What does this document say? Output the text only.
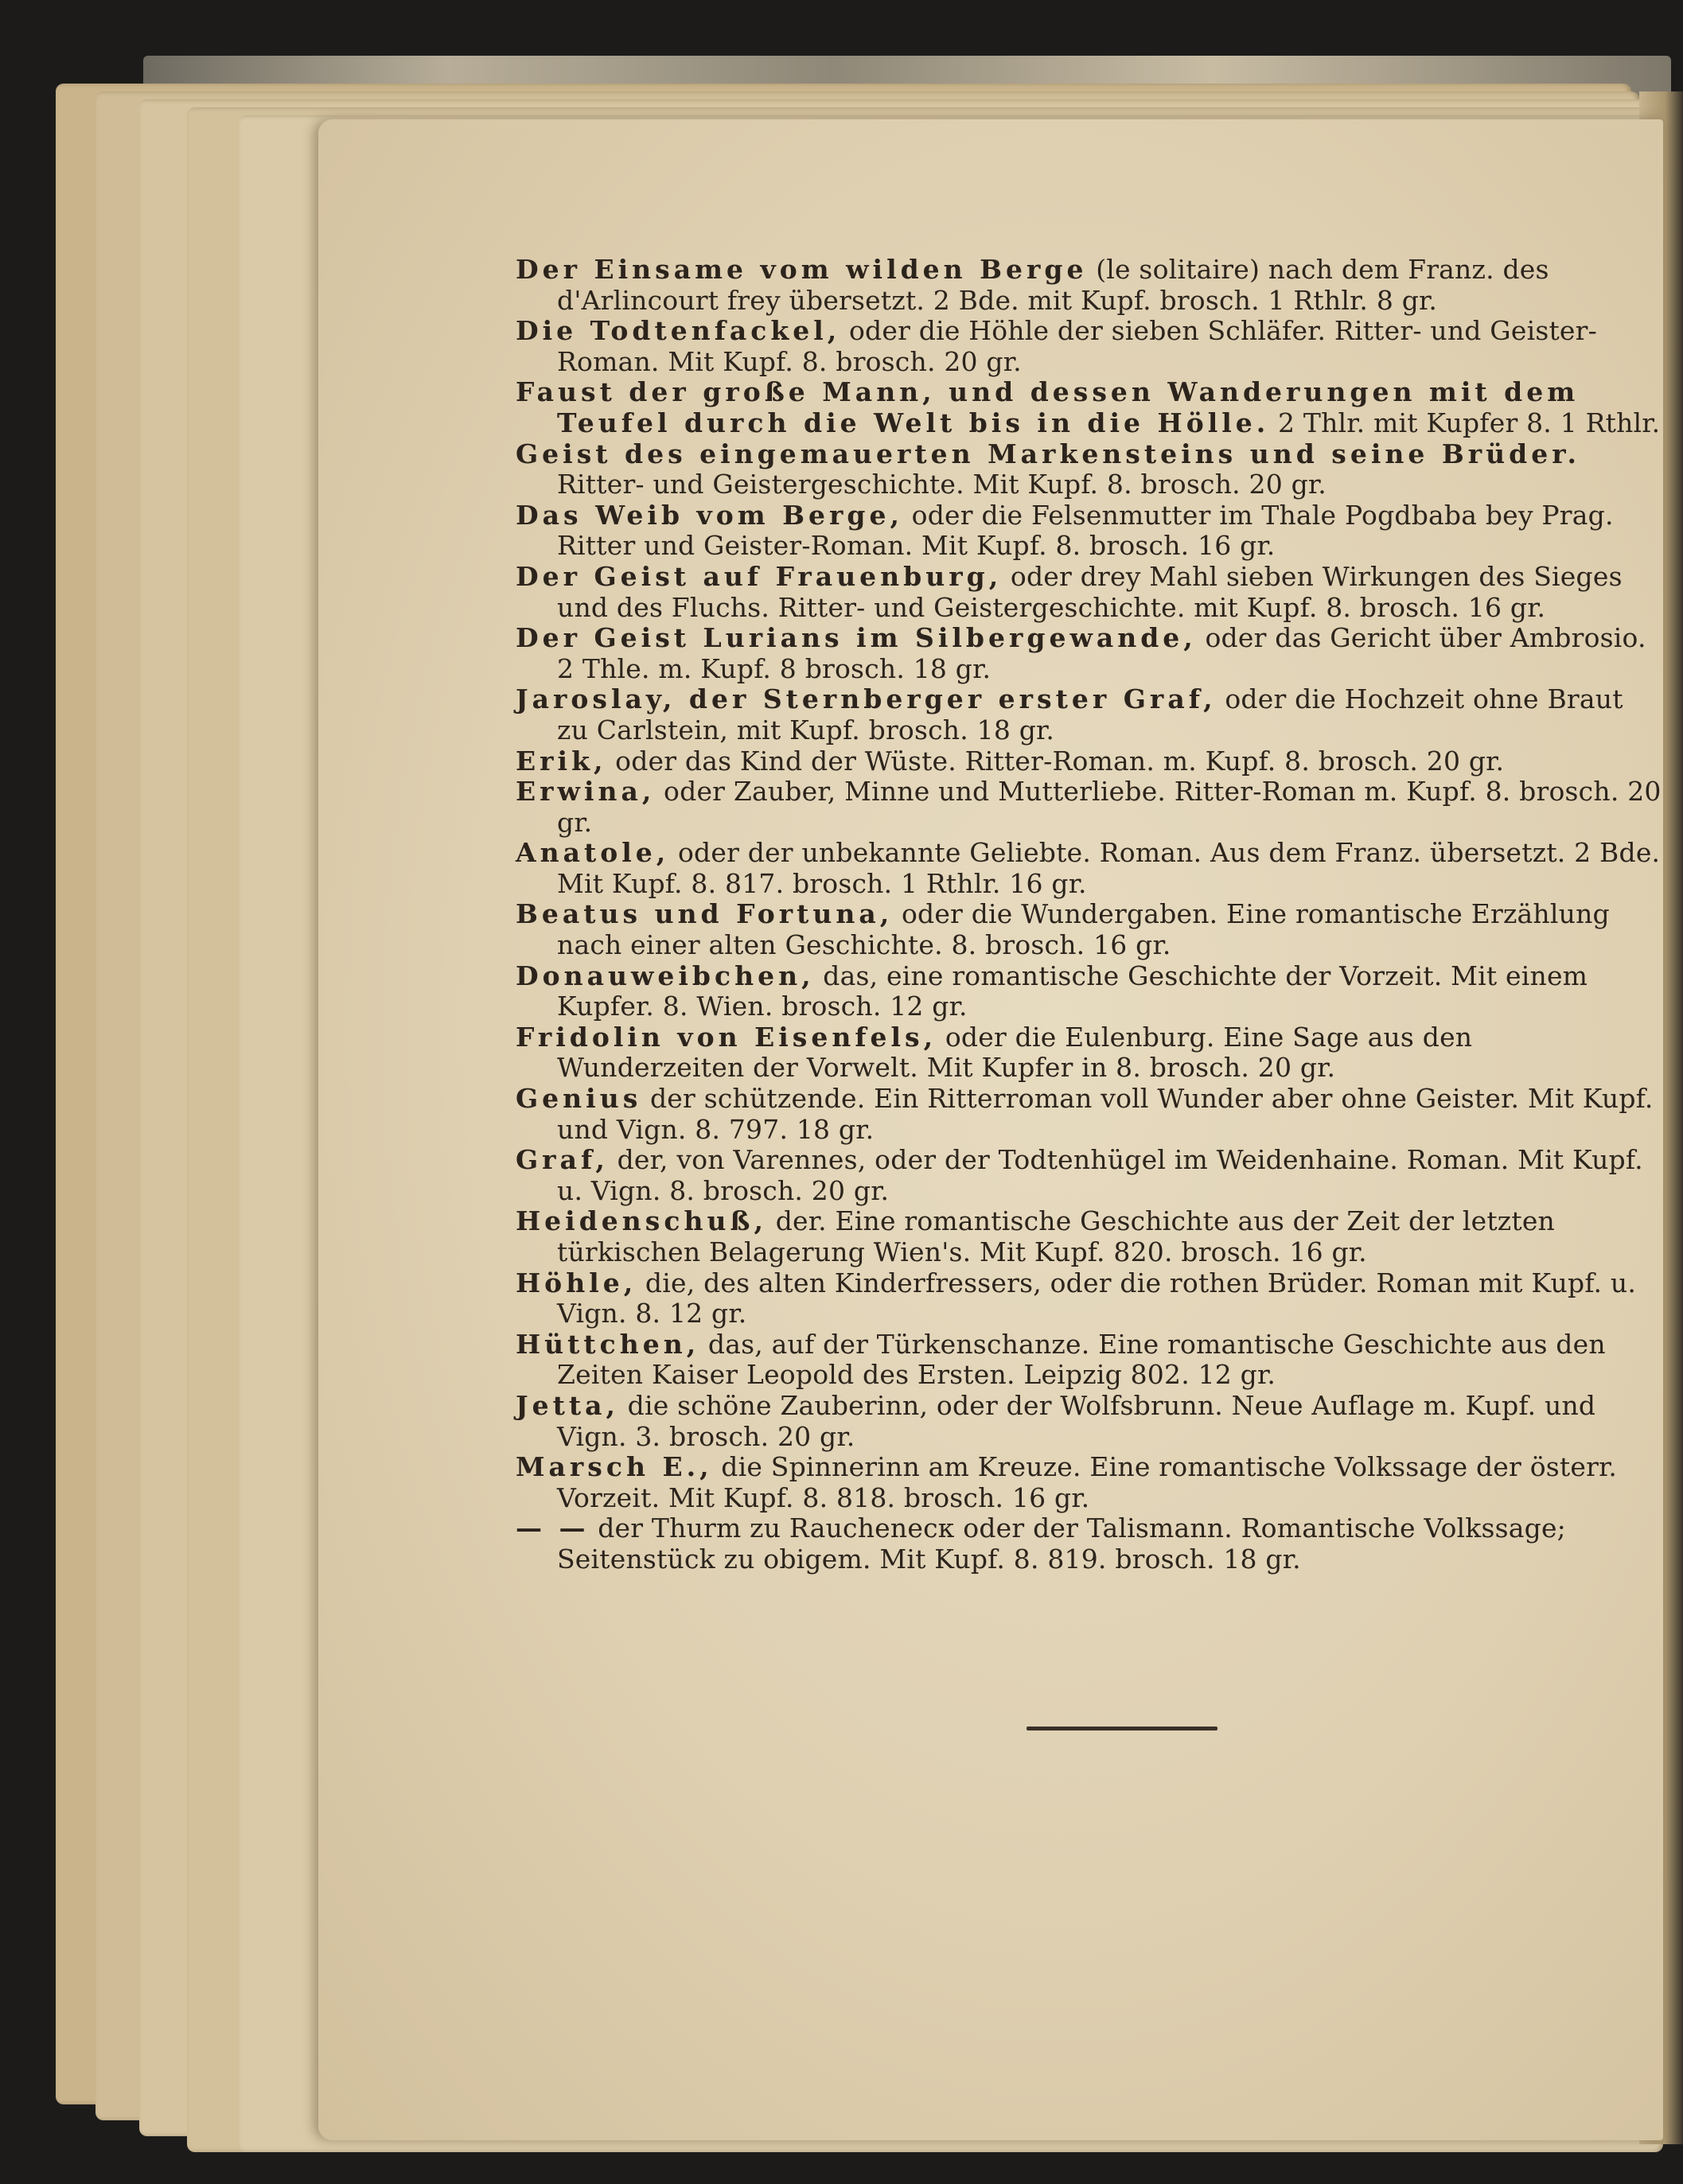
Der Einsame vom wilden Berge (le solitaire) nach dem Franz. des d'Arlincourt frey übersetzt. 2 Bde. mit Kupf. brosch. 1 Rthlr. 8 gr.

Die Todtenfackel, oder die Höhle der sieben Schläfer. Ritter- und Geister-Roman. Mit Kupf. 8. brosch. 20 gr.

Faust der große Mann, und dessen Wanderungen mit dem Teufel durch die Welt bis in die Hölle. 2 Thlr. mit Kupfer 8. 1 Rthlr.

Geist des eingemauerten Markensteins und seine Brüder. Ritter- und Geistergeschichte. Mit Kupf. 8. brosch. 20 gr.

Das Weib vom Berge, oder die Felsenmutter im Thale Pogdbaba bey Prag. Ritter und Geister-Roman. Mit Kupf. 8. brosch. 16 gr.

Der Geist auf Frauenburg, oder drey Mahl sieben Wirkungen des Sieges und des Fluchs. Ritter- und Geistergeschichte. mit Kupf. 8. brosch. 16 gr.

Der Geist Lurians im Silbergewande, oder das Gericht über Ambrosio. 2 Thle. m. Kupf. 8 brosch. 18 gr.

Jaroslay, der Sternberger erster Graf, oder die Hochzeit ohne Braut zu Carlstein, mit Kupf. brosch. 18 gr.

Erik, oder das Kind der Wüste. Ritter-Roman. m. Kupf. 8. brosch. 20 gr.

Erwina, oder Zauber, Minne und Mutterliebe. Ritter-Roman m. Kupf. 8. brosch. 20 gr.

Anatole, oder der unbekannte Geliebte. Roman. Aus dem Franz. übersetzt. 2 Bde. Mit Kupf. 8. 817. brosch. 1 Rthlr. 16 gr.

Beatus und Fortuna, oder die Wundergaben. Eine romantische Erzählung nach einer alten Geschichte. 8. brosch. 16 gr.

Donauweibchen, das, eine romantische Geschichte der Vorzeit. Mit einem Kupfer. 8. Wien. brosch. 12 gr.

Fridolin von Eisenfels, oder die Eulenburg. Eine Sage aus den Wunderzeiten der Vorwelt. Mit Kupfer in 8. brosch. 20 gr.

Genius der schützende. Ein Ritterroman voll Wunder aber ohne Geister. Mit Kupf. und Vign. 8. 797. 18 gr.

Graf, der, von Varennes, oder der Todtenhügel im Weidenhaine. Roman. Mit Kupf. u. Vign. 8. brosch. 20 gr.

Heidenschuß, der. Eine romantische Geschichte aus der Zeit der letzten türkischen Belagerung Wien's. Mit Kupf. 820. brosch. 16 gr.

Höhle, die, des alten Kinderfressers, oder die rothen Brüder. Roman mit Kupf. u. Vign. 8. 12 gr.

Hüttchen, das, auf der Türkenschanze. Eine romantische Geschichte aus den Zeiten Kaiser Leopold des Ersten. Leipzig 802. 12 gr.

Jetta, die schöne Zauberinn, oder der Wolfsbrunn. Neue Auflage m. Kupf. und Vign. 3. brosch. 20 gr.

Marsch E., die Spinnerinn am Kreuze. Eine romantische Volkssage der österr. Vorzeit. Mit Kupf. 8. 818. brosch. 16 gr.

— — der Thurm zu Rauchenecк oder der Talismann. Romantische Volkssage; Seitenstück zu obigem. Mit Kupf. 8. 819. brosch. 18 gr.
